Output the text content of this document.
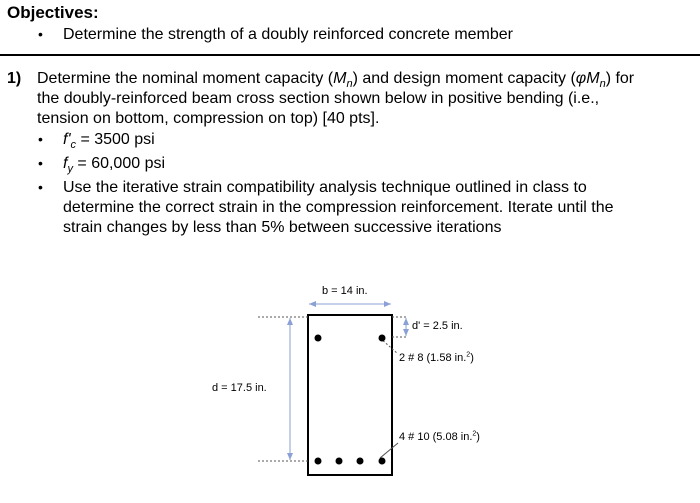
Objectives:
• Determine the strength of a doubly reinforced concrete member
1) Determine the nominal moment capacity $(M_n)$ and design moment capacity $(\varphi M_n)$ for
the doubly-reinforced beam cross section shown below in positive bending (i.e.,
tension on bottom, compression on top) [40 pts].
• $f'_c = 3500$ psi
• $f_y = 60,000$ psi
• Use the iterative strain compatibility analysis technique outlined in class to
determine the correct strain in the compression reinforcement. Iterate until the
strain changes by less than 5% between successive iterations
b = 14 in.
d' = 2.5 in.
2 # 8 (1.58 in.$^2$)
d = 17.5 in.
4 # 10 (5.08 in.$^2$)
